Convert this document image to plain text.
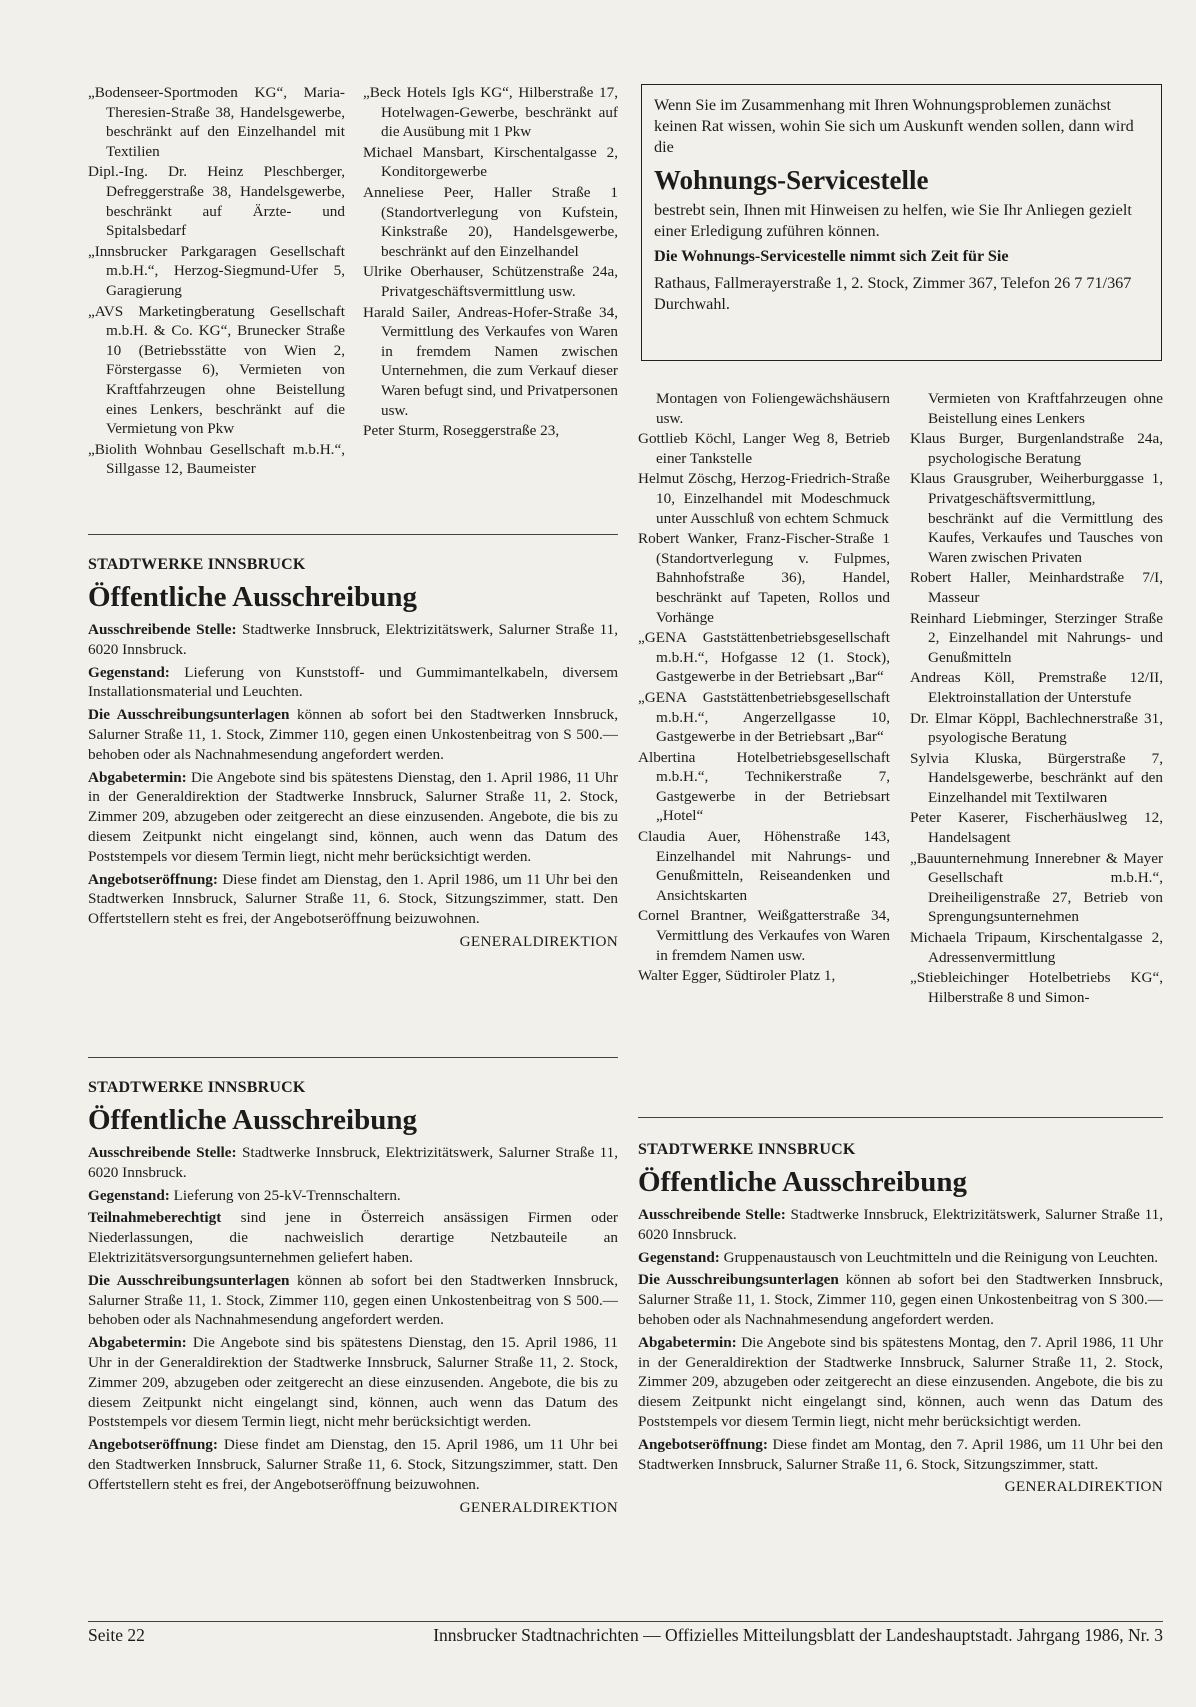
„Bodenseer-Sportmoden KG“, Maria-Theresien-Straße 38, Handelsgewerbe, beschränkt auf den Einzelhandel mit Textilien

Dipl.-Ing. Dr. Heinz Pleschberger, Defreggerstraße 38, Handelsgewerbe, beschränkt auf Ärzte- und Spitalsbedarf

„Innsbrucker Parkgaragen Gesellschaft m.b.H.“, Herzog-Siegmund-Ufer 5, Garagierung

„AVS Marketingberatung Gesellschaft m.b.H. & Co. KG“, Brunecker Straße 10 (Betriebsstätte von Wien 2, Förstergasse 6), Vermieten von Kraftfahrzeugen ohne Beistellung eines Lenkers, beschränkt auf die Vermietung von Pkw

„Biolith Wohnbau Gesellschaft m.b.H.“, Sillgasse 12, Baumeister

„Beck Hotels Igls KG“, Hilberstraße 17, Hotelwagen-Gewerbe, beschränkt auf die Ausübung mit 1 Pkw

Michael Mansbart, Kirschentalgasse 2, Konditorgewerbe

Anneliese Peer, Haller Straße 1 (Standortverlegung von Kufstein, Kinkstraße 20), Handelsgewerbe, beschränkt auf den Einzelhandel

Ulrike Oberhauser, Schützenstraße 24a, Privatgeschäftsvermittlung usw.

Harald Sailer, Andreas-Hofer-Straße 34, Vermittlung des Verkaufes von Waren in fremdem Namen zwischen Unternehmen, die zum Verkauf dieser Waren befugt sind, und Privatpersonen usw.

Peter Sturm, Roseggerstraße 23,

Wenn Sie im Zusammenhang mit Ihren Wohnungsproblemen zunächst keinen Rat wissen, wohin Sie sich um Auskunft wenden sollen, dann wird die
Wohnungs-Servicestelle
bestrebt sein, Ihnen mit Hinweisen zu helfen, wie Sie Ihr Anliegen gezielt einer Erledigung zuführen können.
Die Wohnungs-Servicestelle nimmt sich Zeit für Sie
Rathaus, Fallmerayerstraße 1, 2. Stock, Zimmer 367, Telefon 26 7 71/367 Durchwahl.
STADTWERKE INNSBRUCK
Öffentliche Ausschreibung

Ausschreibende Stelle: Stadtwerke Innsbruck, Elektrizitätswerk, Salurner Straße 11, 6020 Innsbruck.

Gegenstand: Lieferung von Kunststoff- und Gummimantelkabeln, diversem Installationsmaterial und Leuchten.

Die Ausschreibungsunterlagen können ab sofort bei den Stadtwerken Innsbruck, Salurner Straße 11, 1. Stock, Zimmer 110, gegen einen Unkostenbeitrag von S 500.— behoben oder als Nachnahmesendung angefordert werden.

Abgabetermin: Die Angebote sind bis spätestens Dienstag, den 1. April 1986, 11 Uhr in der Generaldirektion der Stadtwerke Innsbruck, Salurner Straße 11, 2. Stock, Zimmer 209, abzugeben oder zeitgerecht an diese einzusenden. Angebote, die bis zu diesem Zeitpunkt nicht eingelangt sind, können, auch wenn das Datum des Poststempels vor diesem Termin liegt, nicht mehr berücksichtigt werden.

Angebotseröffnung: Diese findet am Dienstag, den 1. April 1986, um 11 Uhr bei den Stadtwerken Innsbruck, Salurner Straße 11, 6. Stock, Sitzungszimmer, statt. Den Offertstellern steht es frei, der Angebotseröffnung beizuwohnen.

GENERALDIREKTION
STADTWERKE INNSBRUCK
Öffentliche Ausschreibung

Ausschreibende Stelle: Stadtwerke Innsbruck, Elektrizitätswerk, Salurner Straße 11, 6020 Innsbruck.

Gegenstand: Lieferung von 25-kV-Trennschaltern.

Teilnahmeberechtigt sind jene in Österreich ansässigen Firmen oder Niederlassungen, die nachweislich derartige Netzbauteile an Elektrizitätsversorgungsunternehmen geliefert haben.

Die Ausschreibungsunterlagen können ab sofort bei den Stadtwerken Innsbruck, Salurner Straße 11, 1. Stock, Zimmer 110, gegen einen Unkostenbeitrag von S 500.— behoben oder als Nachnahmesendung angefordert werden.

Abgabetermin: Die Angebote sind bis spätestens Dienstag, den 15. April 1986, 11 Uhr in der Generaldirektion der Stadtwerke Innsbruck, Salurner Straße 11, 2. Stock, Zimmer 209, abzugeben oder zeitgerecht an diese einzusenden. Angebote, die bis zu diesem Zeitpunkt nicht eingelangt sind, können, auch wenn das Datum des Poststempels vor diesem Termin liegt, nicht mehr berücksichtigt werden.

Angebotseröffnung: Diese findet am Dienstag, den 15. April 1986, um 11 Uhr bei den Stadtwerken Innsbruck, Salurner Straße 11, 6. Stock, Sitzungszimmer, statt. Den Offertstellern steht es frei, der Angebotseröffnung beizuwohnen.

GENERALDIREKTION

Montagen von Foliengewächshäusern usw.

Gottlieb Köchl, Langer Weg 8, Betrieb einer Tankstelle

Helmut Zöschg, Herzog-Friedrich-Straße 10, Einzelhandel mit Modeschmuck unter Ausschluß von echtem Schmuck

Robert Wanker, Franz-Fischer-Straße 1 (Standortverlegung v. Fulpmes, Bahnhofstraße 36), Handel, beschränkt auf Tapeten, Rollos und Vorhänge

„GENA Gaststättenbetriebsgesellschaft m.b.H.“, Hofgasse 12 (1. Stock), Gastgewerbe in der Betriebsart „Bar“

„GENA Gaststättenbetriebsgesellschaft m.b.H.“, Angerzellgasse 10, Gastgewerbe in der Betriebsart „Bar“

Albertina Hotelbetriebsgesellschaft m.b.H.“, Technikerstraße 7, Gastgewerbe in der Betriebsart „Hotel“

Claudia Auer, Höhenstraße 143, Einzelhandel mit Nahrungs- und Genußmitteln, Reiseandenken und Ansichtskarten

Cornel Brantner, Weißgatterstraße 34, Vermittlung des Verkaufes von Waren in fremdem Namen usw.

Walter Egger, Südtiroler Platz 1,

Vermieten von Kraftfahrzeugen ohne Beistellung eines Lenkers

Klaus Burger, Burgenlandstraße 24a, psychologische Beratung

Klaus Grausgruber, Weiherburggasse 1, Privatgeschäftsvermittlung, beschränkt auf die Vermittlung des Kaufes, Verkaufes und Tausches von Waren zwischen Privaten

Robert Haller, Meinhardstraße 7/I, Masseur

Reinhard Liebminger, Sterzinger Straße 2, Einzelhandel mit Nahrungs- und Genußmitteln

Andreas Köll, Premstraße 12/II, Elektroinstallation der Unterstufe

Dr. Elmar Köppl, Bachlechnerstraße 31, psyologische Beratung

Sylvia Kluska, Bürgerstraße 7, Handelsgewerbe, beschränkt auf den Einzelhandel mit Textilwaren

Peter Kaserer, Fischerhäuslweg 12, Handelsagent

„Bauunternehmung Innerebner & Mayer Gesellschaft m.b.H.“, Dreiheiligenstraße 27, Betrieb von Sprengungsunternehmen

Michaela Tripaum, Kirschentalgasse 2, Adressenvermittlung

„Stiebleichinger Hotelbetriebs KG“, Hilberstraße 8 und Simon-

STADTWERKE INNSBRUCK
Öffentliche Ausschreibung

Ausschreibende Stelle: Stadtwerke Innsbruck, Elektrizitätswerk, Salurner Straße 11, 6020 Innsbruck.

Gegenstand: Gruppenaustausch von Leuchtmitteln und die Reinigung von Leuchten.

Die Ausschreibungsunterlagen können ab sofort bei den Stadtwerken Innsbruck, Salurner Straße 11, 1. Stock, Zimmer 110, gegen einen Unkostenbeitrag von S 300.— behoben oder als Nachnahmesendung angefordert werden.

Abgabetermin: Die Angebote sind bis spätestens Montag, den 7. April 1986, 11 Uhr in der Generaldirektion der Stadtwerke Innsbruck, Salurner Straße 11, 2. Stock, Zimmer 209, abzugeben oder zeitgerecht an diese einzusenden. Angebote, die bis zu diesem Zeitpunkt nicht eingelangt sind, können, auch wenn das Datum des Poststempels vor diesem Termin liegt, nicht mehr berücksichtigt werden.

Angebotseröffnung: Diese findet am Montag, den 7. April 1986, um 11 Uhr bei den Stadtwerken Innsbruck, Salurner Straße 11, 6. Stock, Sitzungszimmer, statt.

GENERALDIREKTION
Seite 22	Innsbrucker Stadtnachrichten — Offizielles Mitteilungsblatt der Landeshauptstadt. Jahrgang 1986, Nr. 3
